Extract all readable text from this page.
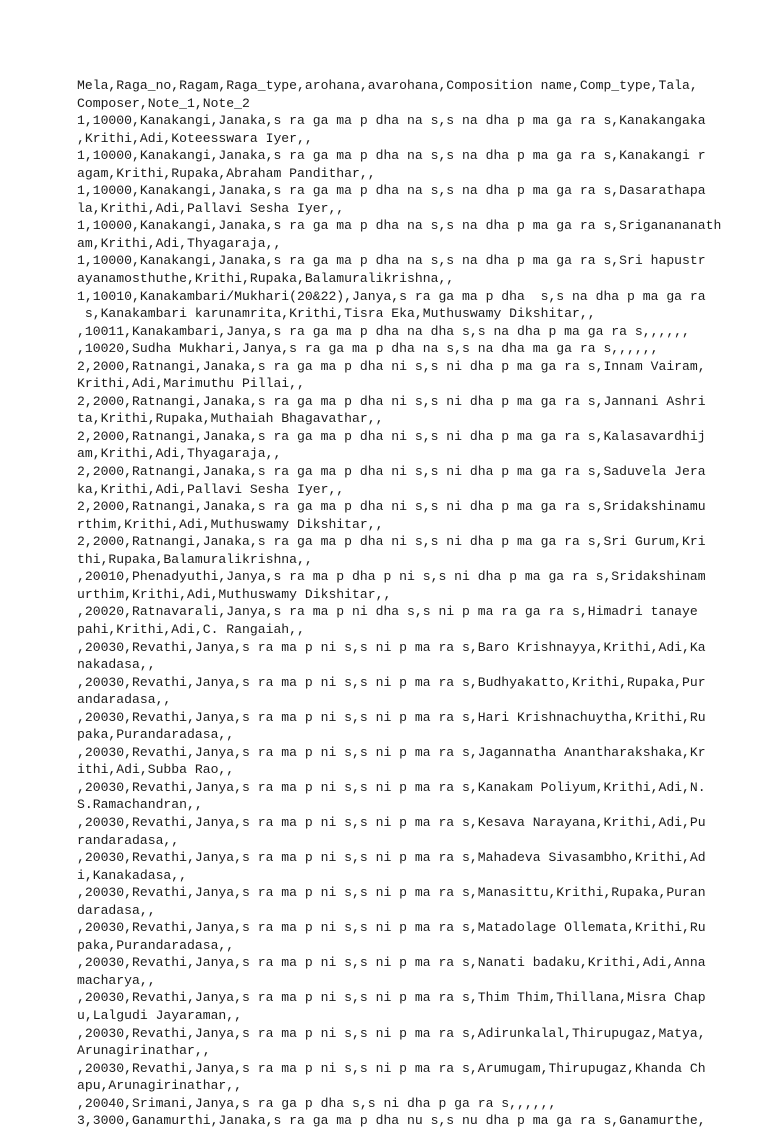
Mela,Raga_no,Ragam,Raga_type,arohana,avarohana,Composition name,Comp_type,Tala,
Composer,Note_1,Note_2
1,10000,Kanakangi,Janaka,s ra ga ma p dha na s,s na dha p ma ga ra s,Kanakangaka
,Krithi,Adi,Koteesswara Iyer,,
1,10000,Kanakangi,Janaka,s ra ga ma p dha na s,s na dha p ma ga ra s,Kanakangi r
agam,Krithi,Rupaka,Abraham Pandithar,,
1,10000,Kanakangi,Janaka,s ra ga ma p dha na s,s na dha p ma ga ra s,Dasarathapa
la,Krithi,Adi,Pallavi Sesha Iyer,,
1,10000,Kanakangi,Janaka,s ra ga ma p dha na s,s na dha p ma ga ra s,Sriganananath
am,Krithi,Adi,Thyagaraja,,
1,10000,Kanakangi,Janaka,s ra ga ma p dha na s,s na dha p ma ga ra s,Sri hapustr
ayanamosthuthe,Krithi,Rupaka,Balamuralikrishna,,
1,10010,Kanakambari/Mukhari(20&22),Janya,s ra ga ma p dha  s,s na dha p ma ga ra
s,Kanakambari karunamrita,Krithi,Tisra Eka,Muthuswamy Dikshitar,,
,10011,Kanakambari,Janya,s ra ga ma p dha na dha s,s na dha p ma ga ra s,,,,,,
,10020,Sudha Mukhari,Janya,s ra ga ma p dha na s,s na dha ma ga ra s,,,,,,
2,2000,Ratnangi,Janaka,s ra ga ma p dha ni s,s ni dha p ma ga ra s,Innam Vairam,
Krithi,Adi,Marimuthu Pillai,,
2,2000,Ratnangi,Janaka,s ra ga ma p dha ni s,s ni dha p ma ga ra s,Jannani Ashri
ta,Krithi,Rupaka,Muthaiah Bhagavathar,,
2,2000,Ratnangi,Janaka,s ra ga ma p dha ni s,s ni dha p ma ga ra s,Kalasavardhij
am,Krithi,Adi,Thyagaraja,,
2,2000,Ratnangi,Janaka,s ra ga ma p dha ni s,s ni dha p ma ga ra s,Saduvela Jera
ka,Krithi,Adi,Pallavi Sesha Iyer,,
2,2000,Ratnangi,Janaka,s ra ga ma p dha ni s,s ni dha p ma ga ra s,Sridakshinamu
rthim,Krithi,Adi,Muthuswamy Dikshitar,,
2,2000,Ratnangi,Janaka,s ra ga ma p dha ni s,s ni dha p ma ga ra s,Sri Gurum,Kri
thi,Rupaka,Balamuralikrishna,,
,20010,Phenadyuthi,Janya,s ra ma p dha p ni s,s ni dha p ma ga ra s,Sridakshinam
urthim,Krithi,Adi,Muthuswamy Dikshitar,,
,20020,Ratnavarali,Janya,s ra ma p ni dha s,s ni p ma ra ga ra s,Himadri tanaye
pahi,Krithi,Adi,C. Rangaiah,,
,20030,Revathi,Janya,s ra ma p ni s,s ni p ma ra s,Baro Krishnayya,Krithi,Adi,Ka
nakadasa,,
,20030,Revathi,Janya,s ra ma p ni s,s ni p ma ra s,Budhyakatto,Krithi,Rupaka,Pur
andaradasa,,
,20030,Revathi,Janya,s ra ma p ni s,s ni p ma ra s,Hari Krishnachuytha,Krithi,Ru
paka,Purandaradasa,,
,20030,Revathi,Janya,s ra ma p ni s,s ni p ma ra s,Jagannatha Anantharakshaka,Kr
ithi,Adi,Subba Rao,,
,20030,Revathi,Janya,s ra ma p ni s,s ni p ma ra s,Kanakam Poliyum,Krithi,Adi,N.
S.Ramachandran,,
,20030,Revathi,Janya,s ra ma p ni s,s ni p ma ra s,Kesava Narayana,Krithi,Adi,Pu
randaradasa,,
,20030,Revathi,Janya,s ra ma p ni s,s ni p ma ra s,Mahadeva Sivasambho,Krithi,Ad
i,Kanakadasa,,
,20030,Revathi,Janya,s ra ma p ni s,s ni p ma ra s,Manasittu,Krithi,Rupaka,Puran
daradasa,,
,20030,Revathi,Janya,s ra ma p ni s,s ni p ma ra s,Matadolage Ollemata,Krithi,Ru
paka,Purandaradasa,,
,20030,Revathi,Janya,s ra ma p ni s,s ni p ma ra s,Nanati badaku,Krithi,Adi,Anna
macharya,,
,20030,Revathi,Janya,s ra ma p ni s,s ni p ma ra s,Thim Thim,Thillana,Misra Chap
u,Lalgudi Jayaraman,,
,20030,Revathi,Janya,s ra ma p ni s,s ni p ma ra s,Adirunkalal,Thirupugaz,Matya,
Arunagirinathar,,
,20030,Revathi,Janya,s ra ma p ni s,s ni p ma ra s,Arumugam,Thirupugaz,Khanda Ch
apu,Arunagirinathar,,
,20040,Srimani,Janya,s ra ga p dha s,s ni dha p ga ra s,,,,,,
3,3000,Ganamurthi,Janaka,s ra ga ma p dha nu s,s nu dha p ma ga ra s,Ganamurthe,
